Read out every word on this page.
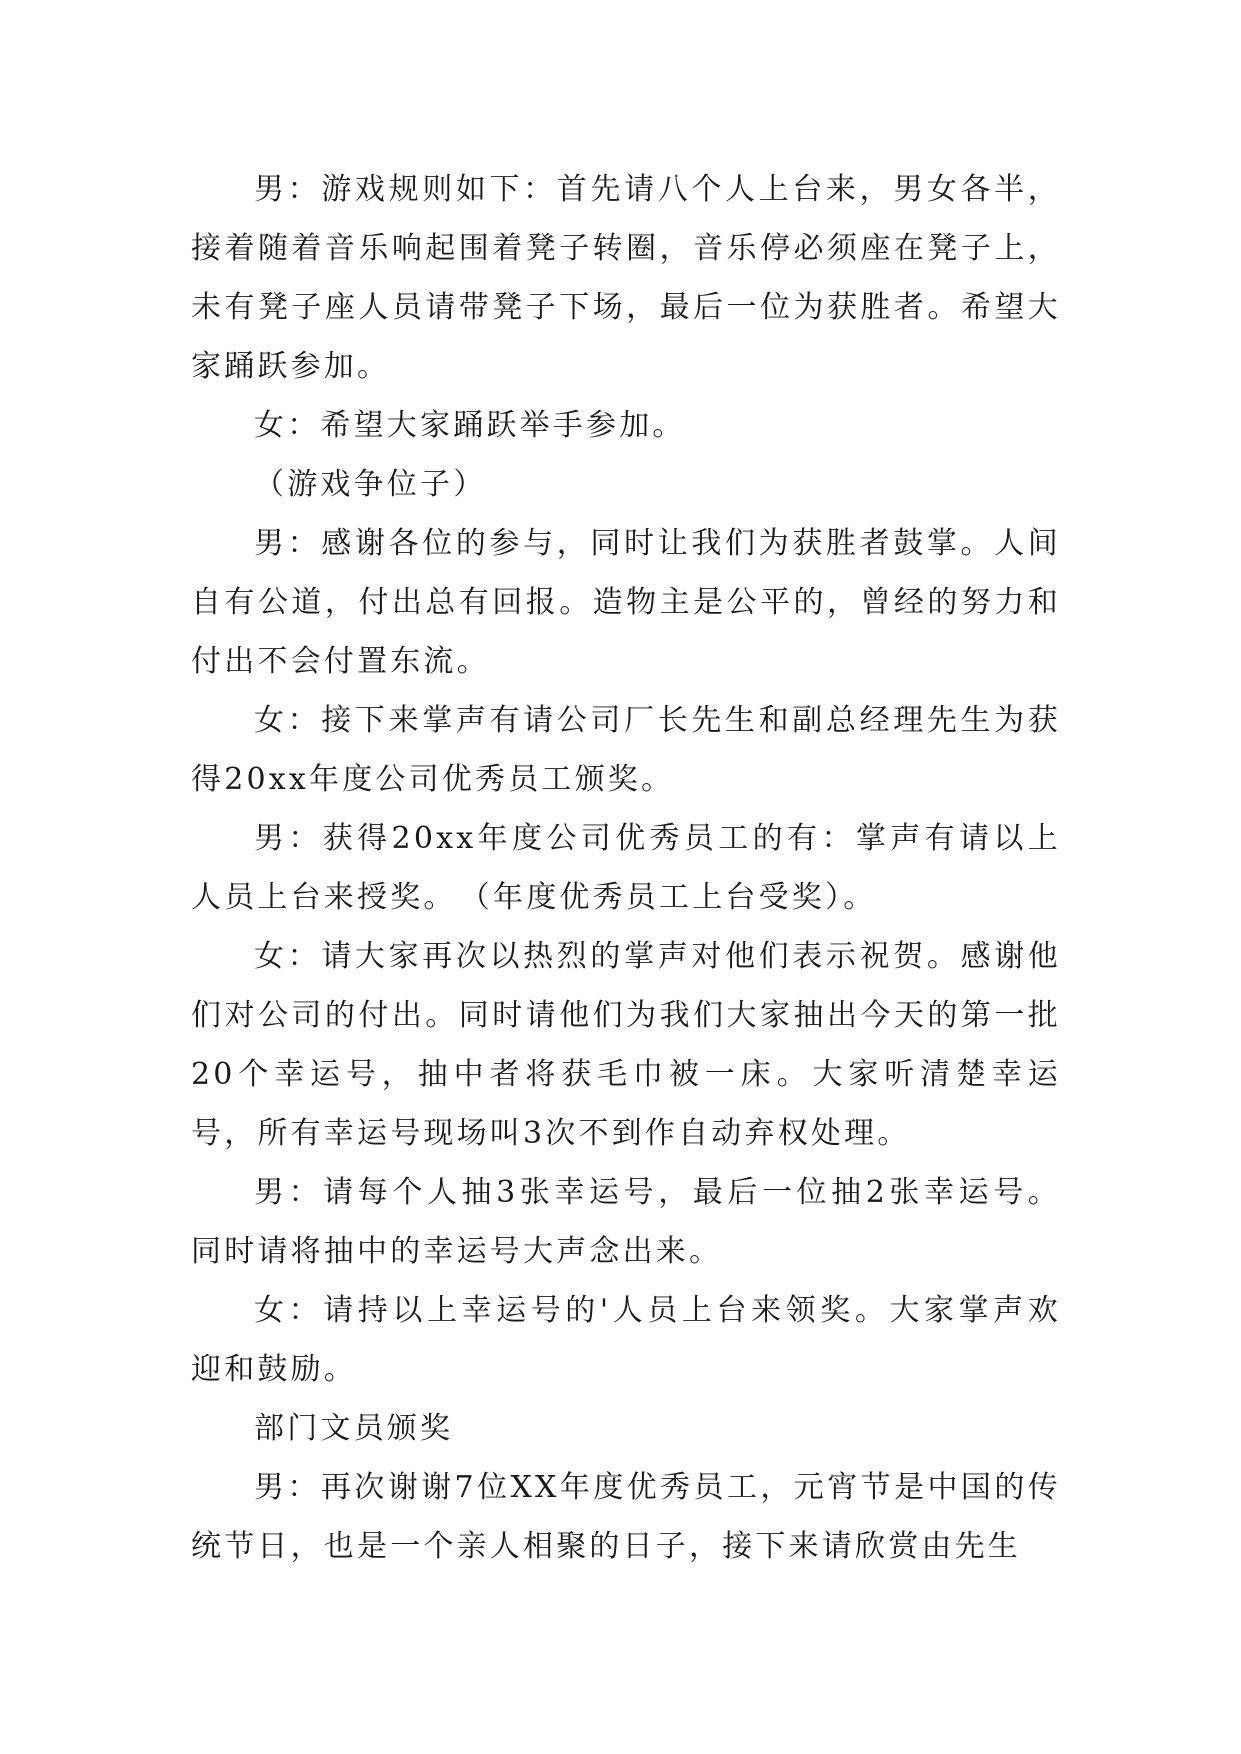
男：游戏规则如下：首先请八个人上台来，男女各半，接着随着音乐响起围着凳子转圈，音乐停必须座在凳子上，未有凳子座人员请带凳子下场，最后一位为获胜者。希望大家踊跃参加。

女：希望大家踊跃举手参加。

（游戏争位子）

男：感谢各位的参与，同时让我们为获胜者鼓掌。人间自有公道，付出总有回报。造物主是公平的，曾经的努力和付出不会付置东流。

女：接下来掌声有请公司厂长先生和副总经理先生为获得20xx年度公司优秀员工颁奖。

男：获得20xx年度公司优秀员工的有：掌声有请以上人员上台来授奖。　（年度优秀员工上台受奖）。

女：请大家再次以热烈的掌声对他们表示祝贺。感谢他们对公司的付出。同时请他们为我们大家抽出今天的第一批20个幸运号，抽中者将获毛巾被一床。大家听清楚幸运号，所有幸运号现场叫3次不到作自动弃权处理。

男：请每个人抽3张幸运号，最后一位抽2张幸运号。同时请将抽中的幸运号大声念出来。

女：请持以上幸运号的'人员上台来领奖。大家掌声欢迎和鼓励。

部门文员颁奖

男：再次谢谢7位XX年度优秀员工，元宵节是中国的传统节日，也是一个亲人相聚的日子，接下来请欣赏由先生
